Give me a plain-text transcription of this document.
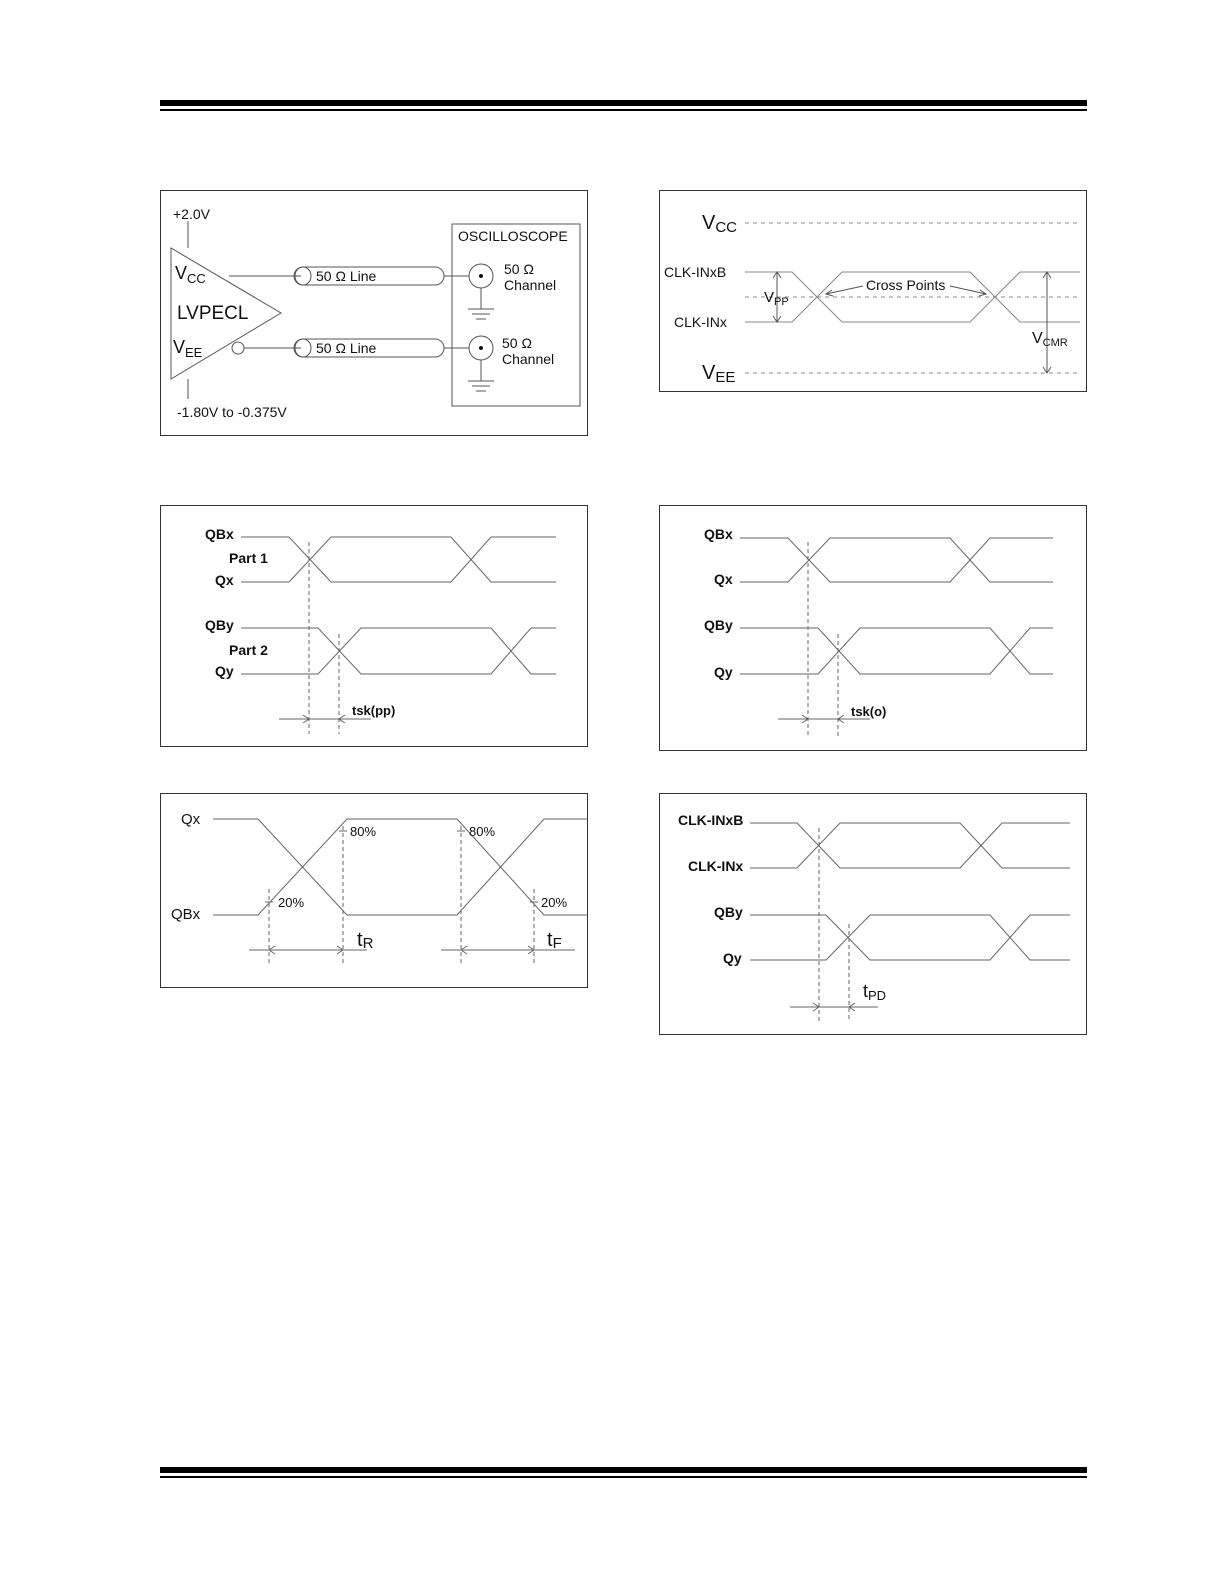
+2.0V
$V_{CC}$
LVPECL
$V_{EE}$
-1.80V to -0.375V
50 Ω Line
50 Ω Line
OSCILLOSCOPE
50 Ω
Channel
50 Ω
Channel
VCC
VEE
CLK-INxB
CLK-INx
$V_{PP}$
VCMR
Cross Points
QBx
Part 1
Qx
QBy
Part 2
Qy
tsk(pp)
QBx
Qx
QBy
Qy
tsk(o)
Qx
QBx
80%	80%
20%	20%
tR	tF
CLK-INxB
CLK-INx
QBy
Qy
tPD
